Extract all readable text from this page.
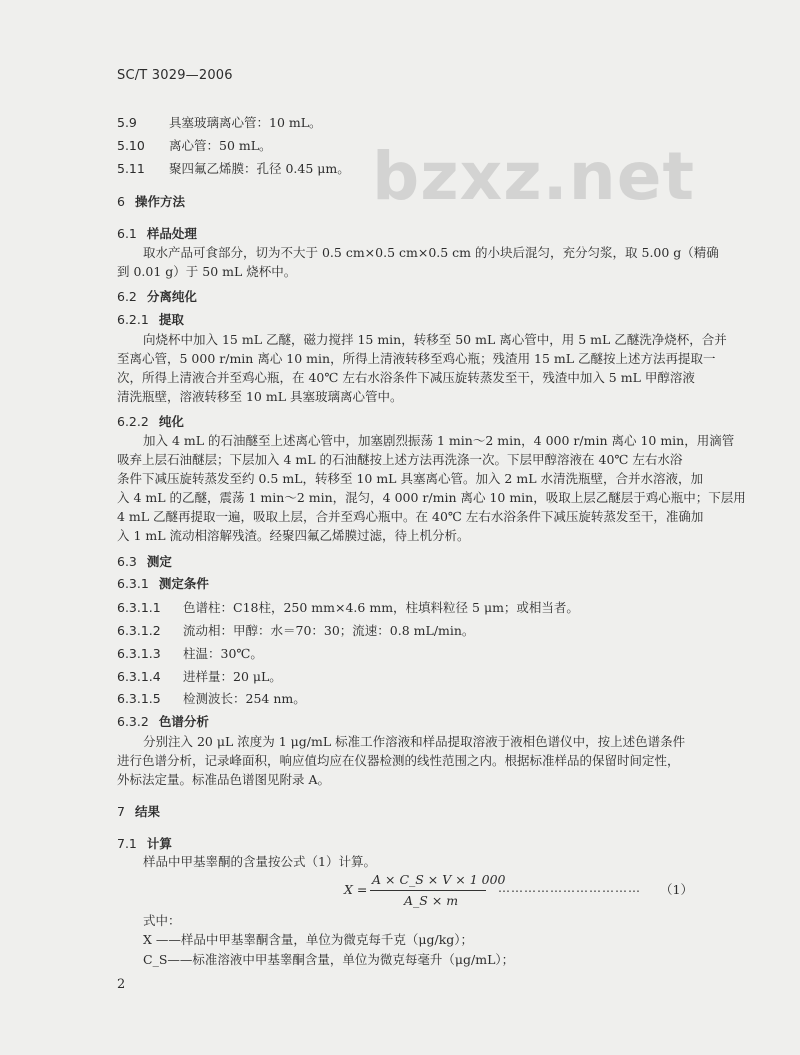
SC/T 3029—2006
bzxz.net
5.9	具塞玻璃离心管：10 mL。
5.10 离心管：50 mL。
5.11 聚四氟乙烯膜：孔径 0.45 μm。
6 操作方法
6.1 样品处理
取水产品可食部分，切为不大于 0.5 cm×0.5 cm×0.5 cm 的小块后混匀，充分匀浆，取 5.00 g（精确
到 0.01 g）于 50 mL 烧杯中。
6.2 分离纯化
6.2.1 提取
向烧杯中加入 15 mL 乙醚，磁力搅拌 15 min，转移至 50 mL 离心管中，用 5 mL 乙醚洗净烧杯，合并
至离心管，5 000 r/min 离心 10 min，所得上清液转移至鸡心瓶；残渣用 15 mL 乙醚按上述方法再提取一
次，所得上清液合并至鸡心瓶，在 40℃ 左右水浴条件下减压旋转蒸发至干，残渣中加入 5 mL 甲醇溶液
清洗瓶壁，溶液转移至 10 mL 具塞玻璃离心管中。
6.2.2 纯化
加入 4 mL 的石油醚至上述离心管中，加塞剧烈振荡 1 min～2 min，4 000 r/min 离心 10 min，用滴管
吸弃上层石油醚层；下层加入 4 mL 的石油醚按上述方法再洗涤一次。下层甲醇溶液在 40℃ 左右水浴
条件下减压旋转蒸发至约 0.5 mL，转移至 10 mL 具塞离心管。加入 2 mL 水清洗瓶壁，合并水溶液，加
入 4 mL 的乙醚，震荡 1 min～2 min，混匀，4 000 r/min 离心 10 min，吸取上层乙醚层于鸡心瓶中；下层用
4 mL 乙醚再提取一遍，吸取上层，合并至鸡心瓶中。在 40℃ 左右水浴条件下减压旋转蒸发至干，准确加
入 1 mL 流动相溶解残渣。经聚四氟乙烯膜过滤，待上机分析。
6.3 测定
6.3.1 测定条件
6.3.1.1 色谱柱：C18柱，250 mm×4.6 mm，柱填料粒径 5 μm；或相当者。
6.3.1.2 流动相：甲醇：水＝70：30；流速：0.8 mL/min。
6.3.1.3 柱温：30℃。
6.3.1.4 进样量：20 μL。
6.3.1.5 检测波长：254 nm。
6.3.2 色谱分析
分别注入 20 μL 浓度为 1 μg/mL 标准工作溶液和样品提取溶液于液相色谱仪中，按上述色谱条件
进行色谱分析，记录峰面积，响应值均应在仪器检测的线性范围之内。根据标准样品的保留时间定性，
外标法定量。标准品色谱图见附录 A。
7 结果
7.1 计算
样品中甲基睾酮的含量按公式（1）计算。
X =
A × C_S × V × 1 000
A_S × m
…………………………… （1）
式中：
X ——样品中甲基睾酮含量，单位为微克每千克（μg/kg）；
C_S——标准溶液中甲基睾酮含量，单位为微克每毫升（μg/mL）；
2
